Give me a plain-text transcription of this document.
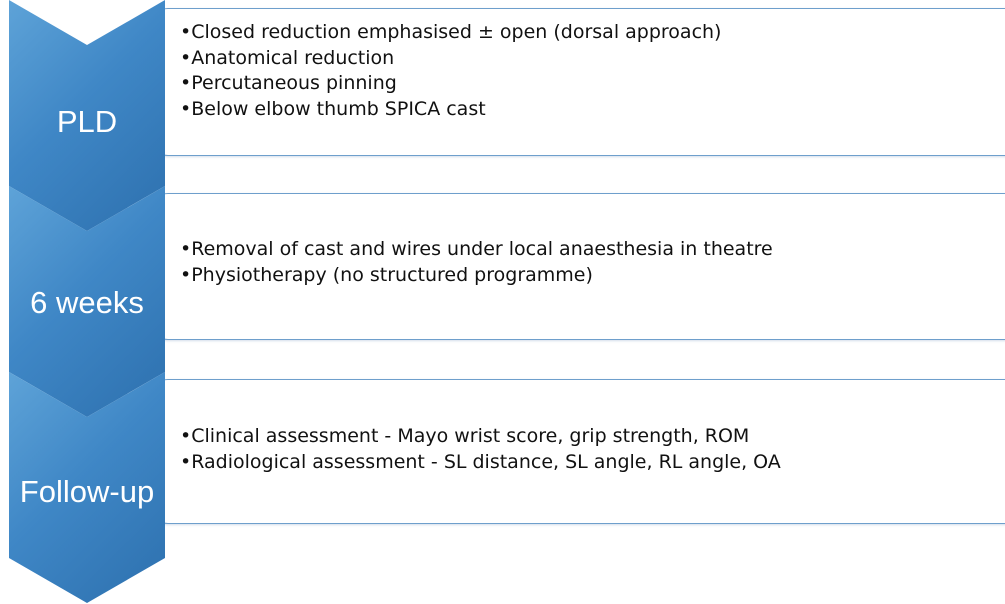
PLD
• Closed reduction emphasised ± open (dorsal approach)
• Anatomical reduction
• Percutaneous pinning
• Below elbow thumb SPICA cast
6 weeks
• Removal of cast and wires under local anaesthesia in theatre
• Physiotherapy (no structured programme)
Follow-up
• Clinical assessment - Mayo wrist score, grip strength, ROM
• Radiological assessment - SL distance, SL angle, RL angle, OA
